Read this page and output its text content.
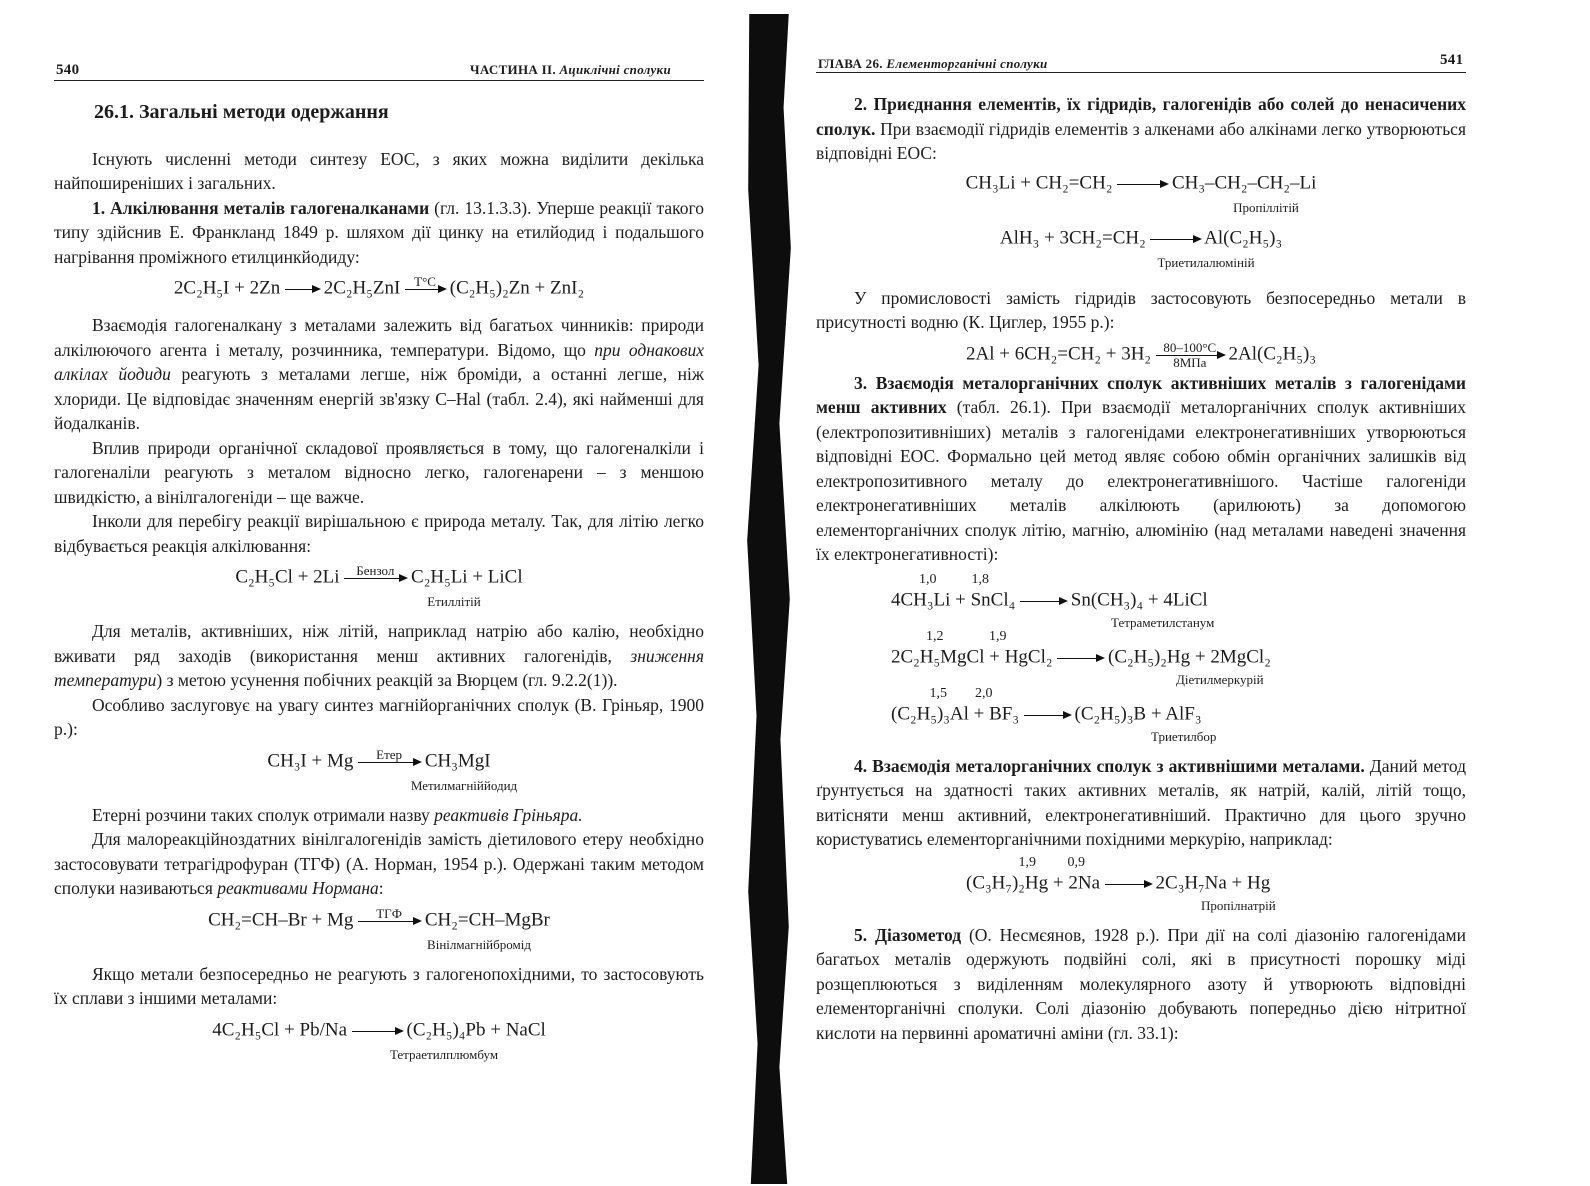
540	ЧАСТИНА ІІ. Ациклічні сполуки
26.1. Загальні методи одержання

Існують численні методи синтезу ЕОС, з яких можна виділити декілька найпоширеніших і загальних.

1. Алкілювання металів галогеналканами (гл. 13.1.3.3). Уперше реакції такого типу здійснив Е. Франкланд 1849 р. шляхом дії цинку на етилйодид і подальшого нагрівання проміжного етилцинкйодиду:

2C₂H₅I + 2Zn 2C₂H₅ZnI	T°C (C₂H₅)₂Zn + ZnI₂

Взаємодія галогеналкану з металами залежить від багатьох чинників: природи алкілюючого агента і металу, розчинника, температури. Відомо, що при однакових алкілах йодиди реагують з металами легше, ніж броміди, а останні легше, ніж хлориди. Це відповідає значенням енергій зв'язку C–Hal (табл. 2.4), які найменші для йодалканів.

Вплив природи органічної складової проявляється в тому, що галогеналкіли і галогеналіли реагують з металом відносно легко, галогенарени – з меншою швидкістю, а вінілгалогеніди – ще важче.

Інколи для перебігу реакції вирішальною є природа металу. Так, для літію легко відбувається реакція алкілювання:

C₂H₅Cl + 2Li	Бензол C₂H₅Li + LiCl
Етиллітій

Для металів, активніших, ніж літій, наприклад натрію або калію, необхідно вживати ряд заходів (використання менш активних галогенідів, зниження температури) з метою усунення побічних реакцій за Вюрцем (гл. 9.2.2(1)).

Особливо заслуговує на увагу синтез магнійорганічних сполук (В. Гріньяр, 1900 р.):

CH₃I + Mg	Етер	CH₃MgI
Метилмагніййодид

Етерні розчини таких сполук отримали назву реактивів Гріньяра.

Для малореакційноздатних вінілгалогенідів замість діетилового етеру необхідно застосовувати тетрагідрофуран (ТГФ) (А. Норман, 1954 р.). Одержані таким методом сполуки називаються реактивами Нормана:

CH₂=CH–Br + Mg	ТГФ	CH₂=CH–MgBr
Вінілмагнійбромід

Якщо метали безпосередньо не реагують з галогенопохідними, то застосовують їх сплави з іншими металами:

4C₂H₅Cl + Pb/Na	(C₂H₅)₄Pb + NaCl
Тетраетилплюмбум
ГЛАВА 26. Елементорганічні сполуки	541

2. Приєднання елементів, їх гідридів, галогенідів або солей до ненасичених сполук. При взаємодії гідридів елементів з алкенами або алкінами легко утворюються відповідні ЕОС:

CH₃Li + CH₂=CH₂	CH₃–CH₂–CH₂–Li
Пропіллітій
AlH₃ + 3CH₂=CH₂	Al(C₂H₅)₃
Триетилалюміній

У промисловості замість гідридів застосовують безпосередньо метали в присутності водню (К. Циглер, 1955 р.):

2Al + 6CH₂=CH₂ + 3H₂ 80–100°C
8МПа	2Al(C₂H₅)₃

3. Взаємодія металорганічних сполук активніших металів з галогенідами менш активних (табл. 26.1). При взаємодії металорганічних сполук активніших (електропозитивніших) металів з галогенідами електронегативніших утворюються відповідні ЕОС. Формально цей метод являє собою обмін органічних залишків від електропозитивного металу до електронегативнішого. Частіше галогеніди електронегативніших металів алкілюють (арилюють) за допомогою елементорганічних сполук літію, магнію, алюмінію (над металами наведені значення їх електронегативності):

1,0          1,8
4CH₃Li + SnCl₄	Sn(CH₃)₄ + 4LiCl
Тетраметилстанум
1,2             1,9
2C₂H₅MgCl + HgCl₂	(C₂H₅)₂Hg + 2MgCl₂
Діетилмеркурій
1,5        2,0
(C₂H₅)₃Al + BF₃	(C₂H₅)₃B + AlF₃
Триетилбор

4. Взаємодія металорганічних сполук з активнішими металами. Даний метод ґрунтується на здатності таких активних металів, як натрій, калій, літій тощо, витісняти менш активний, електронегативніший. Практично для цього зручно користуватись елементорганічними похідними меркурію, наприклад:

1,9         0,9
(C₃H₇)₂Hg + 2Na	2C₃H₇Na + Hg
Пропілнатрій

5. Діазометод (О. Несмєянов, 1928 р.). При дії на солі діазонію галогенідами багатьох металів одержують подвійні солі, які в присутності порошку міді розщеплюються з виділенням молекулярного азоту й утворюють відповідні елементорганічні сполуки. Солі діазонію добувають попередньо дією нітритної кислоти на первинні ароматичні аміни (гл. 33.1):
